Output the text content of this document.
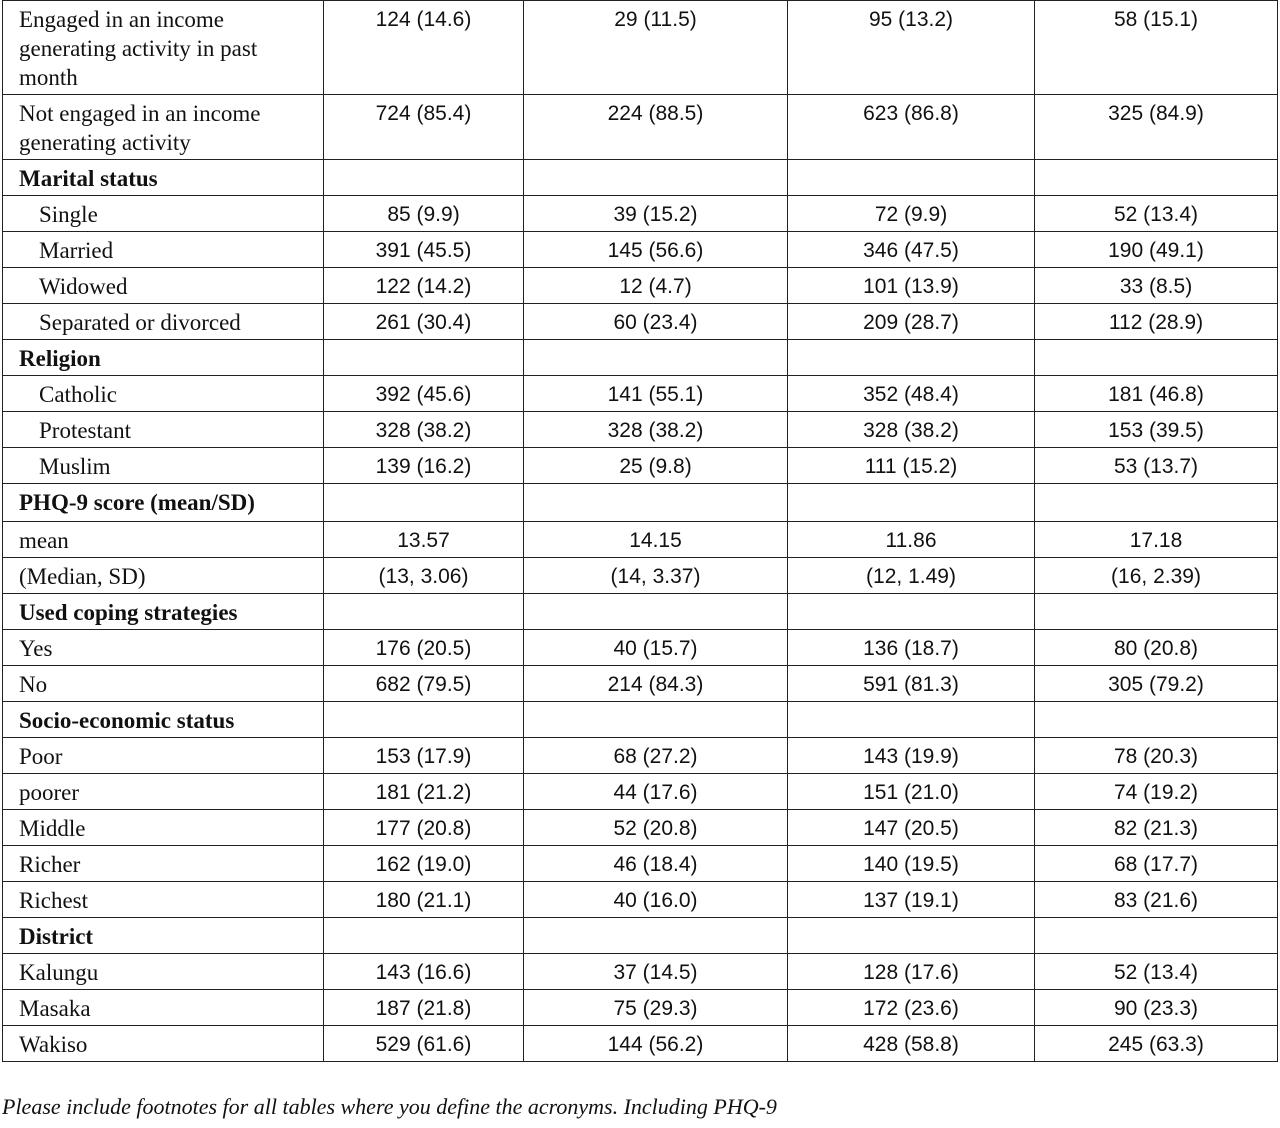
Engaged in an income generating activity in past month	124 (14.6)	29 (11.5)	95 (13.2)	58 (15.1)
Not engaged in an income generating activity	724 (85.4)	224 (88.5)	623 (86.8)	325 (84.9)
Marital status				
Single	85 (9.9)	39 (15.2)	72 (9.9)	52 (13.4)
Married	391 (45.5)	145 (56.6)	346 (47.5)	190 (49.1)
Widowed	122 (14.2)	12 (4.7)	101 (13.9)	33 (8.5)
Separated or divorced	261 (30.4)	60 (23.4)	209 (28.7)	112 (28.9)
Religion				
Catholic	392 (45.6)	141 (55.1)	352 (48.4)	181 (46.8)
Protestant	328 (38.2)	328 (38.2)	328 (38.2)	153 (39.5)
Muslim	139 (16.2)	25 (9.8)	111 (15.2)	53 (13.7)
PHQ-9 score (mean/SD)				
mean	13.57	14.15	11.86	17.18
(Median, SD)	(13, 3.06)	(14, 3.37)	(12, 1.49)	(16, 2.39)
Used coping strategies				
Yes	176 (20.5)	40 (15.7)	136 (18.7)	80 (20.8)
No	682 (79.5)	214 (84.3)	591 (81.3)	305 (79.2)
Socio-economic status				
Poor	153 (17.9)	68 (27.2)	143 (19.9)	78 (20.3)
poorer	181 (21.2)	44 (17.6)	151 (21.0)	74 (19.2)
Middle	177 (20.8)	52 (20.8)	147 (20.5)	82 (21.3)
Richer	162 (19.0)	46 (18.4)	140 (19.5)	68 (17.7)
Richest	180 (21.1)	40 (16.0)	137 (19.1)	83 (21.6)
District				
Kalungu	143 (16.6)	37 (14.5)	128 (17.6)	52 (13.4)
Masaka	187 (21.8)	75 (29.3)	172 (23.6)	90 (23.3)
Wakiso	529 (61.6)	144 (56.2)	428 (58.8)	245 (63.3)
Please include footnotes for all tables where you define the acronyms. Including PHQ-9
